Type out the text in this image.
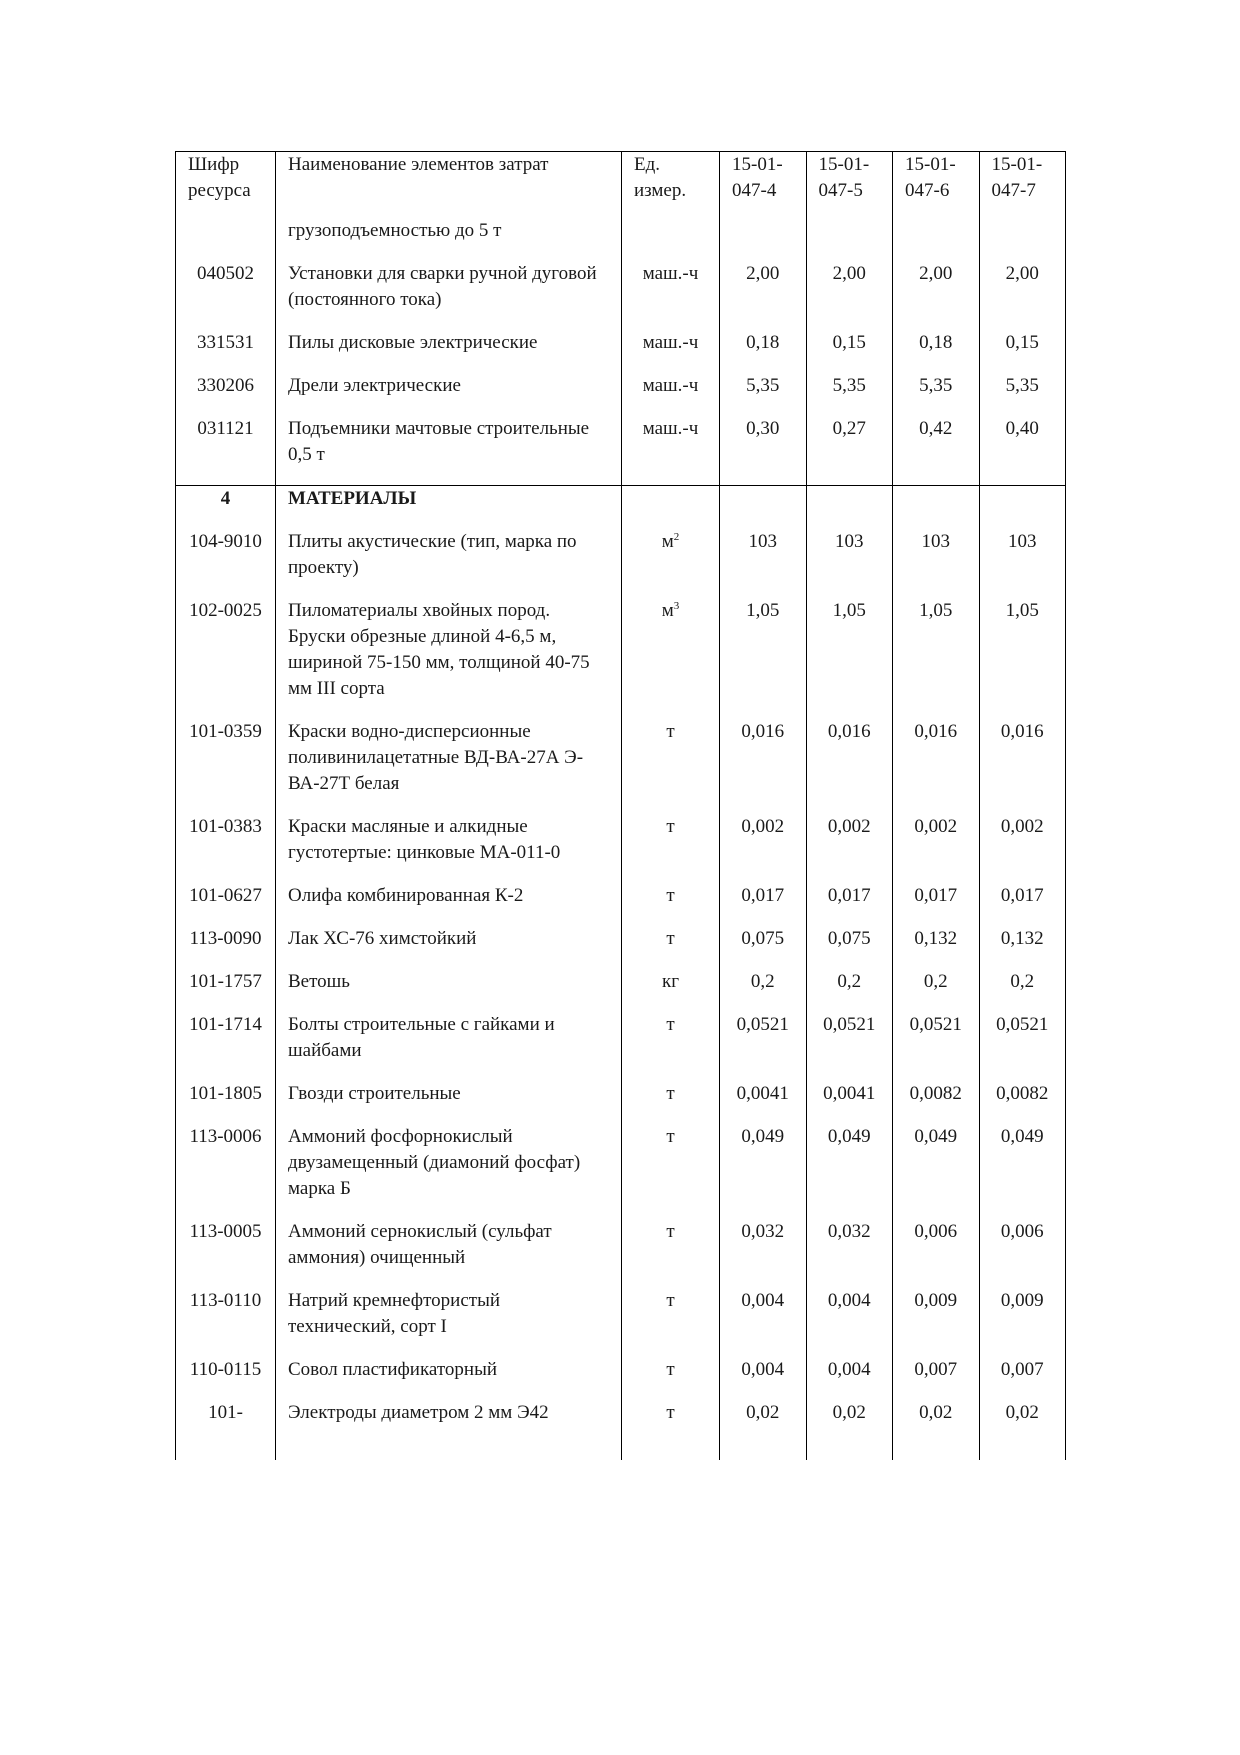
Шифр ресурса	Наименование элементов затрат	Ед. измер.	15-01-047-4	15-01-047-5	15-01-047-6	15-01-047-7
	грузоподъемностью до 5 т					
040502	Установки для сварки ручной дуговой (постоянного тока)	маш.-ч	2,00	2,00	2,00	2,00
331531	Пилы дисковые электрические	маш.-ч	0,18	0,15	0,18	0,15
330206	Дрели электрические	маш.-ч	5,35	5,35	5,35	5,35
031121	Подъемники мачтовые строительные 0,5 т	маш.-ч	0,30	0,27	0,42	0,40
4	МАТЕРИАЛЫ					
104-9010	Плиты акустические (тип, марка по проекту)	$м^2$	103	103	103	103
102-0025	Пиломатериалы хвойных пород. Бруски обрезные длиной 4-6,5 м, шириной 75-150 мм, толщиной 40-75 мм III сорта	$м^3$	1,05	1,05	1,05	1,05
101-0359	Краски водно-дисперсионные поливинилацетатные ВД-ВА-27А Э-ВА-27Т белая	т	0,016	0,016	0,016	0,016
101-0383	Краски масляные и алкидные густотертые: цинковые МА-011-0	т	0,002	0,002	0,002	0,002
101-0627	Олифа комбинированная К-2	т	0,017	0,017	0,017	0,017
113-0090	Лак ХС-76 химстойкий	т	0,075	0,075	0,132	0,132
101-1757	Ветошь	кг	0,2	0,2	0,2	0,2
101-1714	Болты строительные с гайками и шайбами	т	0,0521	0,0521	0,0521	0,0521
101-1805	Гвозди строительные	т	0,0041	0,0041	0,0082	0,0082
113-0006	Аммоний фосфорнокислый двузамещенный (диамоний фосфат) марка Б	т	0,049	0,049	0,049	0,049
113-0005	Аммоний сернокислый (сульфат аммония) очищенный	т	0,032	0,032	0,006	0,006
113-0110	Натрий кремнефтористый технический, сорт I	т	0,004	0,004	0,009	0,009
110-0115	Совол пластификаторный	т	0,004	0,004	0,007	0,007
101-	Электроды диаметром 2 мм Э42	т	0,02	0,02	0,02	0,02
